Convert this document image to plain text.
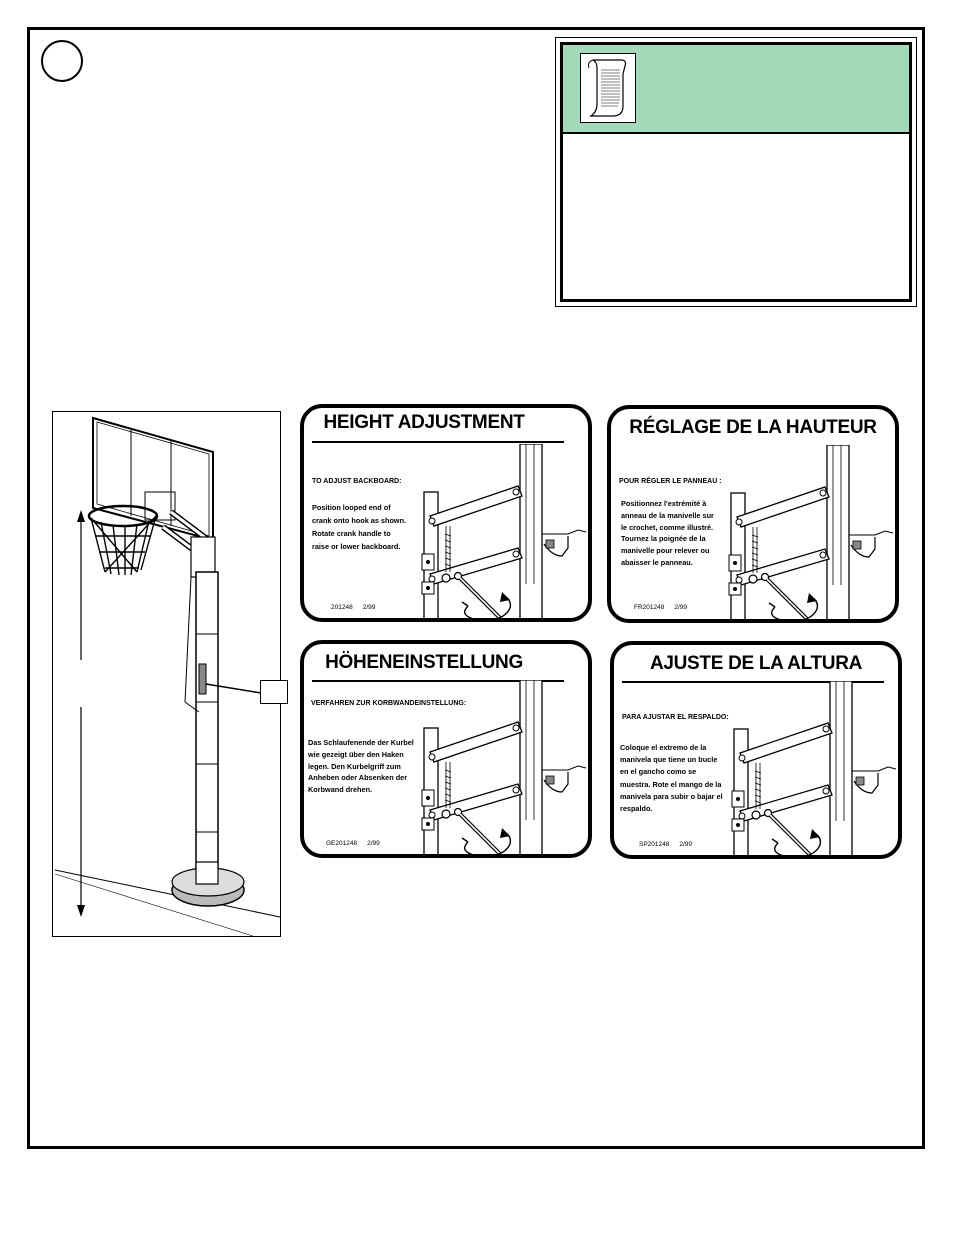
HEIGHT ADJUSTMENT
TO ADJUST BACKBOARD:
Position looped end of
crank onto hook as shown.
Rotate crank handle to
raise or lower backboard.
201248 2/99
RÉGLAGE DE LA HAUTEUR
POUR RÉGLER LE PANNEAU :
Positionnez l'extrémité à
anneau de la manivelle sur
le crochet, comme illustré.
Tournez la poignée de la
manivelle pour relever ou
abaisser le panneau.
FR201248 2/99
HÖHENEINSTELLUNG
VERFAHREN ZUR KORBWANDEINSTELLUNG:
Das Schlaufenende der Kurbel
wie gezeigt über den Haken
legen. Den Kurbelgriff zum
Anheben oder Absenken der
Korbwand drehen.
GE201248 2/99
AJUSTE DE LA ALTURA
PARA AJUSTAR EL RESPALDO:
Coloque el extremo de la
manivela que tiene un bucle
en el gancho como se
muestra. Rote el mango de la
manivela para subir o bajar el
respaldo.
SP201248 2/99
